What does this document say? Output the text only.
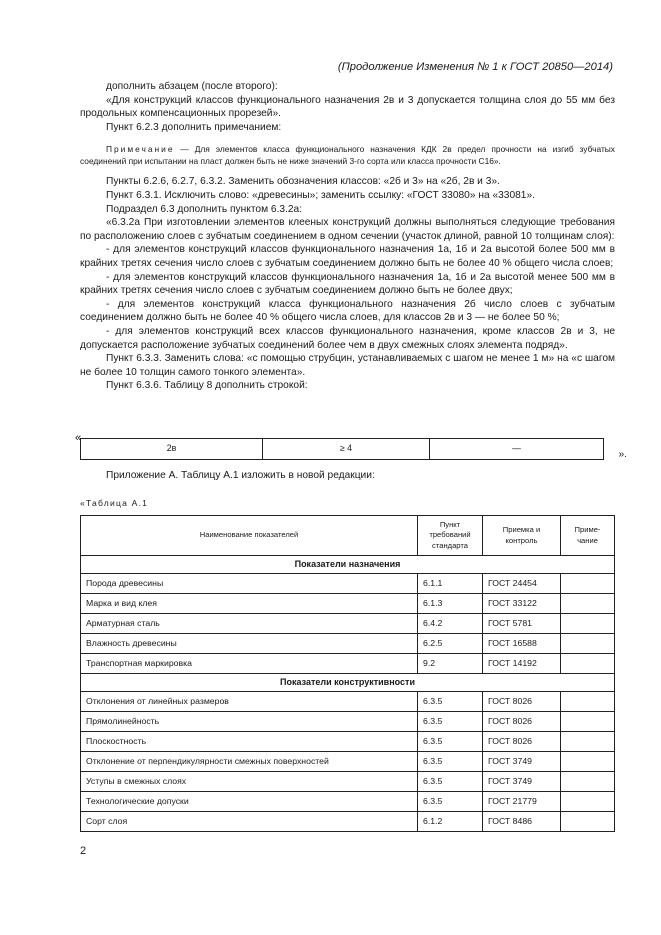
(Продолжение Изменения № 1 к ГОСТ 20850—2014)
дополнить абзацем (после второго):
«Для конструкций классов функционального назначения 2в и 3 допускается толщина слоя до 55 мм без продольных компенсационных прорезей».
Пункт 6.2.3 дополнить примечанием:
Примечание — Для элементов класса функционального назначения КДК 2в предел прочности на изгиб зубчатых соединений при испытании на пласт должен быть не ниже значений 3-го сорта или класса прочности С16».
Пункты 6.2.6, 6.2.7, 6.3.2. Заменить обозначения классов: «2б и 3» на «2б, 2в и 3».
Пункт 6.3.1. Исключить слово: «древесины»; заменить ссылку: «ГОСТ 33080» на «33081».
Подраздел 6.3 дополнить пунктом 6.3.2а:
«6.3.2а При изготовлении элементов клееных конструкций должны выполняться следующие требования по расположению слоев с зубчатым соединением в одном сечении (участок длиной, равной 10 толщинам слоя):
- для элементов конструкций классов функционального назначения 1а, 1б и 2а высотой более 500 мм в крайних третях сечения число слоев с зубчатым соединением должно быть не более 40 % общего числа слоев;
- для элементов конструкций классов функционального назначения 1а, 1б и 2а высотой менее 500 мм в крайних третях сечения число слоев с зубчатым соединением должно быть не более двух;
- для элементов конструкций класса функционального назначения 2б число слоев с зубчатым соединением должно быть не более 40 % общего числа слоев, для классов 2в и 3 — не более 50 %;
- для элементов конструкций всех классов функционального назначения, кроме классов 2в и 3, не допускается расположение зубчатых соединений более чем в двух смежных слоях элемента подряд».
Пункт 6.3.3. Заменить слова: «с помощью струбцин, устанавливаемых с шагом не менее 1 м» на «с шагом не более 10 толщин самого тонкого элемента».
Пункт 6.3.6. Таблицу 8 дополнить строкой:
«
2в	≥ 4	—
».
Приложение А. Таблицу А.1 изложить в новой редакции:
«Таблица А.1
Наименование показателей	Пункт требований стандарта	Приемка и контроль	Приме-чание
Показатели назначения			
Порода древесины	6.1.1	ГОСТ 24454	
Марка и вид клея	6.1.3	ГОСТ 33122	
Арматурная сталь	6.4.2	ГОСТ 5781	
Влажность древесины	6.2.5	ГОСТ 16588	
Транспортная маркировка	9.2	ГОСТ 14192	
Показатели конструктивности			
Отклонения от линейных размеров	6.3.5	ГОСТ 8026	
Прямолинейность	6.3.5	ГОСТ 8026	
Плоскостность	6.3.5	ГОСТ 8026	
Отклонение от перпендикулярности смежных поверхностей	6.3.5	ГОСТ 3749	
Уступы в смежных слоях	6.3.5	ГОСТ 3749	
Технологические допуски	6.3.5	ГОСТ 21779	
Сорт слоя	6.1.2	ГОСТ 8486	
2
